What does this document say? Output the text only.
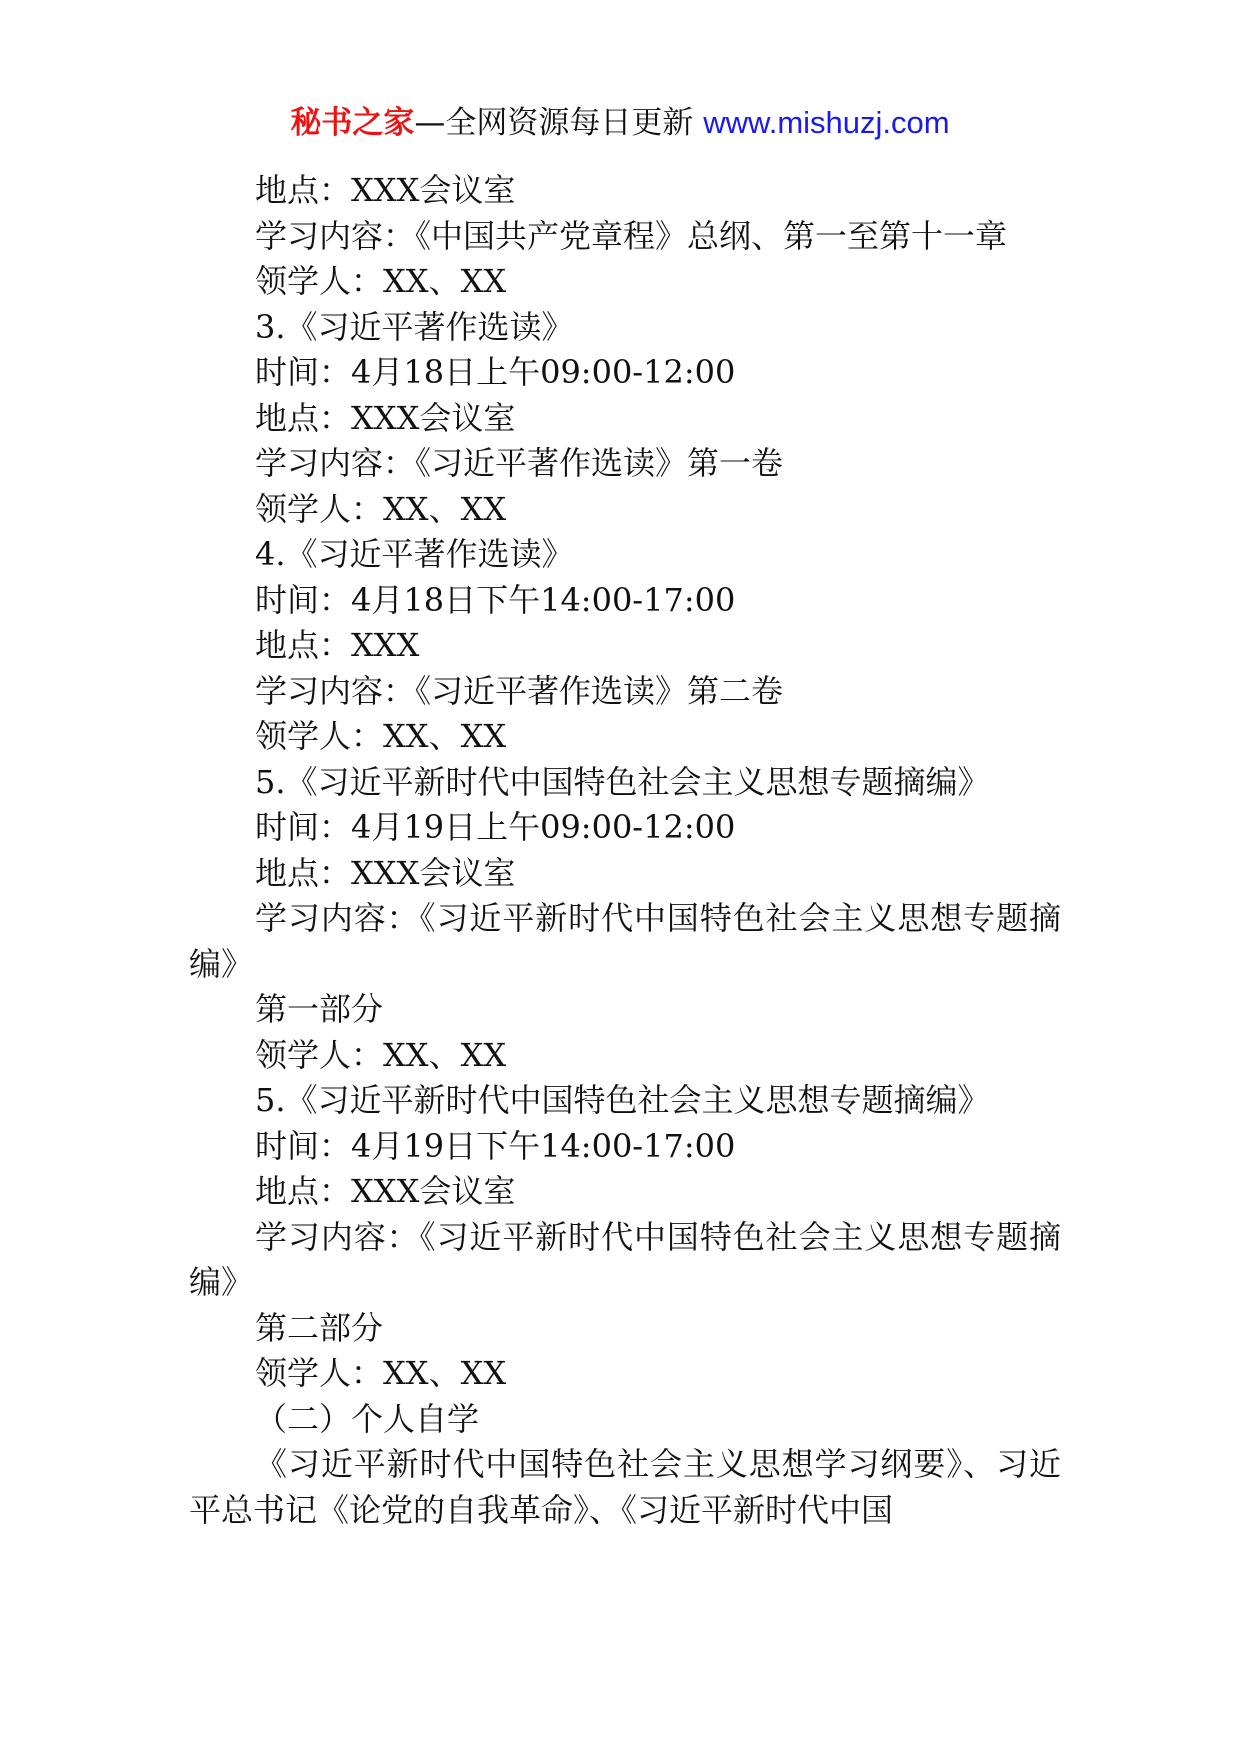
秘书之家—全网资源每日更新 www.mishuzj.com

地点：XXX会议室

学习内容：《中国共产党章程》总纲、第一至第十一章

领学人：XX、XX

3.《习近平著作选读》

时间：4月18日上午09:00-12:00

地点：XXX会议室

学习内容：《习近平著作选读》第一卷

领学人：XX、XX

4.《习近平著作选读》

时间：4月18日下午14:00-17:00

地点：XXX

学习内容：《习近平著作选读》第二卷

领学人：XX、XX

5.《习近平新时代中国特色社会主义思想专题摘编》

时间：4月19日上午09:00-12:00

地点：XXX会议室

学习内容：《习近平新时代中国特色社会主义思想专题摘编》

第一部分

领学人：XX、XX

5.《习近平新时代中国特色社会主义思想专题摘编》

时间：4月19日下午14:00-17:00

地点：XXX会议室

学习内容：《习近平新时代中国特色社会主义思想专题摘编》

第二部分

领学人：XX、XX

（二）个人自学

《习近平新时代中国特色社会主义思想学习纲要》、习近平总书记《论党的自我革命》、《习近平新时代中国
